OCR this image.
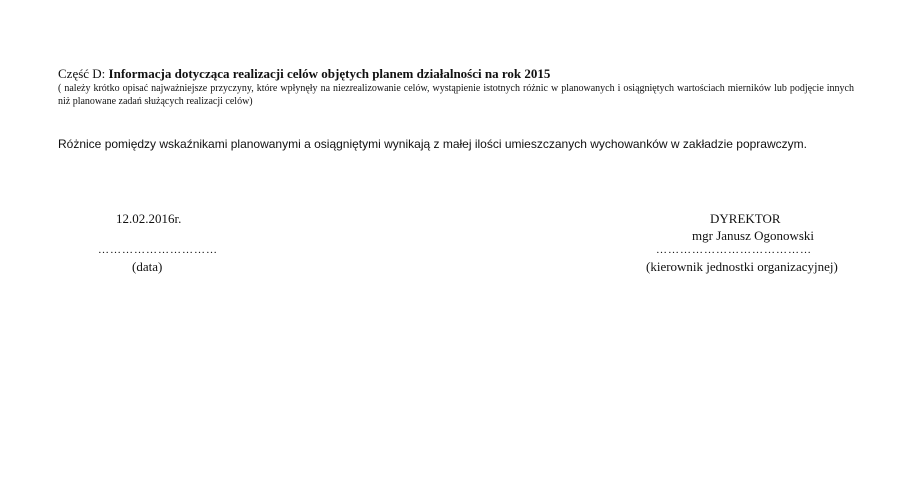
Część D: Informacja dotycząca realizacji celów objętych planem działalności na rok 2015
( należy krótko opisać najważniejsze przyczyny, które wpłynęły na niezrealizowanie celów, wystąpienie istotnych różnic w planowanych i osiągniętych wartościach mierników lub podjęcie innych niż planowane zadań służących realizacji celów)
Różnice pomiędzy wskaźnikami planowanymi a osiągniętymi wynikają z małej ilości umieszczanych wychowanków w zakładzie poprawczym.
12.02.2016r.
…………………………
(data)
DYREKTOR
mgr Janusz Ogonowski
…………………………………
(kierownik jednostki organizacyjnej)
